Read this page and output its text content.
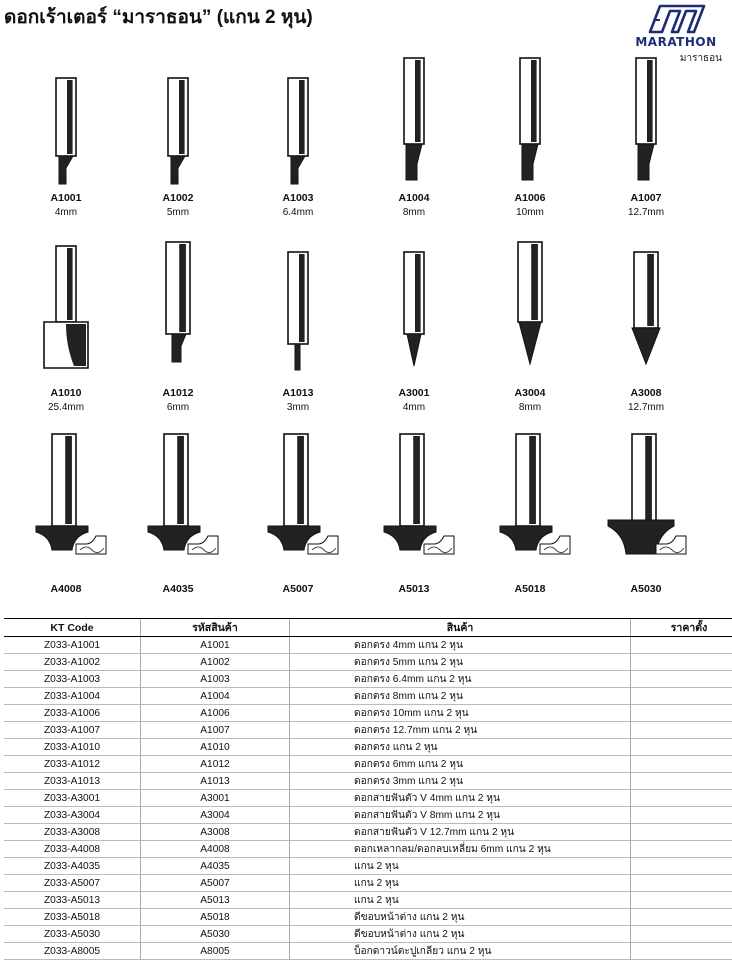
ดอกเร้าเตอร์ “มาราธอน” (แกน 2 หุน)
MARATHON
มาราธอน
A1001
4mm
A1002
5mm
A1003
6.4mm
A1004
8mm
A1006
10mm
A1007
12.7mm
A1010
25.4mm
A1012
6mm
A1013
3mm
A3001
4mm
A3004
8mm
A3008
12.7mm
A4008	A4035	A5007	A5013	A5018	A5030
KT Code	รหัสสินค้า	สินค้า	ราคาตั้ง
Z033-A1001	A1001	ดอกตรง 4mm แกน 2 หุน	
Z033-A1002	A1002	ดอกตรง 5mm แกน 2 หุน	
Z033-A1003	A1003	ดอกตรง 6.4mm แกน 2 หุน	
Z033-A1004	A1004	ดอกตรง 8mm แกน 2 หุน	
Z033-A1006	A1006	ดอกตรง 10mm แกน 2 หุน	
Z033-A1007	A1007	ดอกตรง 12.7mm แกน 2 หุน	
Z033-A1010	A1010	ดอกตรง แกน 2 หุน	
Z033-A1012	A1012	ดอกตรง 6mm แกน 2 หุน	
Z033-A1013	A1013	ดอกตรง 3mm แกน 2 หุน	
Z033-A3001	A3001	ดอกสายฟันตัว V 4mm แกน 2 หุน	
Z033-A3004	A3004	ดอกสายฟันตัว V 8mm แกน 2 หุน	
Z033-A3008	A3008	ดอกสายฟันตัว V 12.7mm แกน 2 หุน	
Z033-A4008	A4008	ดอกเหลากลม/ดอกลบเหลี่ยม 6mm แกน 2 หุน	
Z033-A4035	A4035	แกน 2 หุน	
Z033-A5007	A5007	แกน 2 หุน	
Z033-A5013	A5013	แกน 2 หุน	
Z033-A5018	A5018	ดีขอบหน้าต่าง แกน 2 หุน	
Z033-A5030	A5030	ดีขอบหน้าต่าง แกน 2 หุน	
Z033-A8005	A8005	บ็อกดาวน์ตะปูเกลียว แกน 2 หุน	
